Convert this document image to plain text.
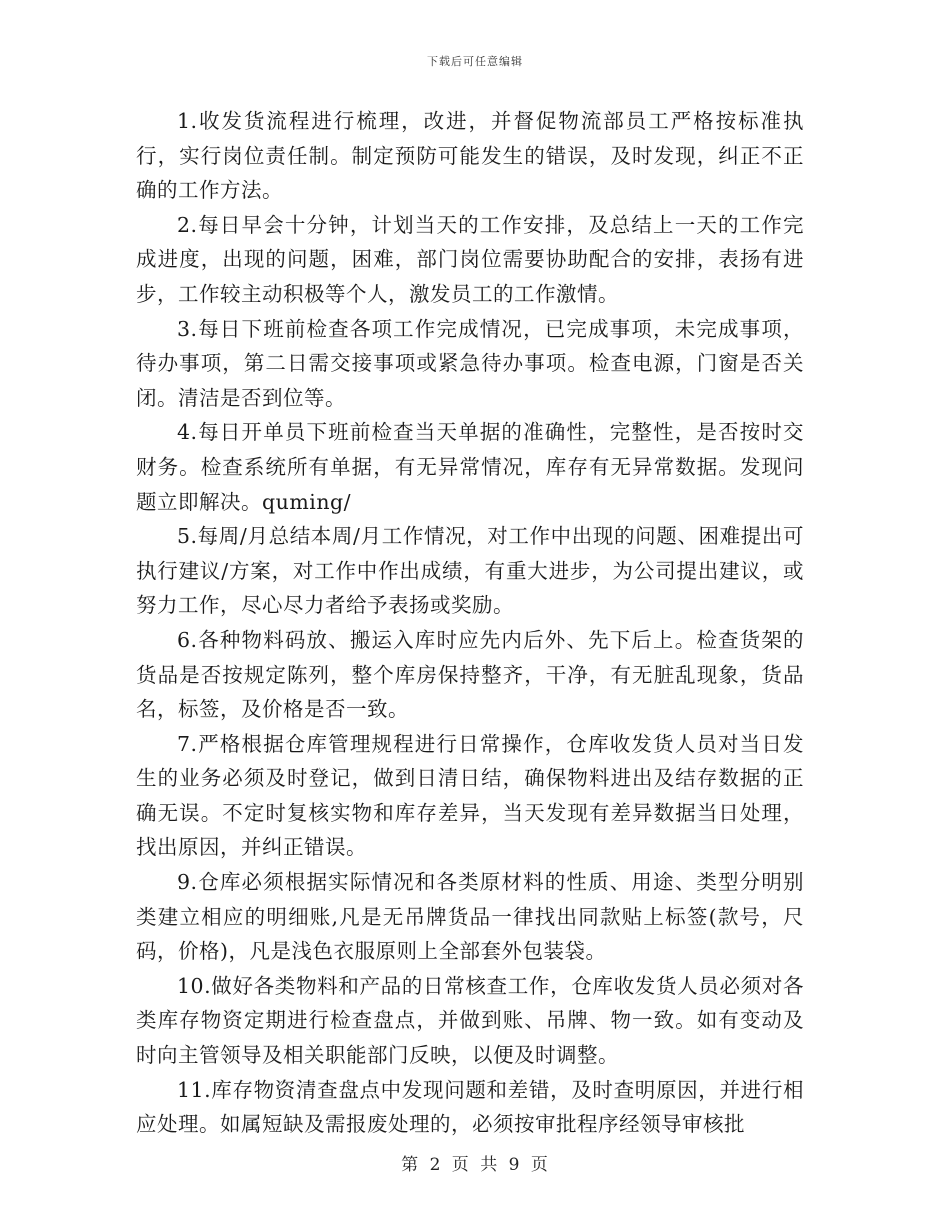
下载后可任意编辑

1.收发货流程进行梳理，改进，并督促物流部员工严格按标准执行，实行岗位责任制。制定预防可能发生的错误，及时发现，纠正不正确的工作方法。

2.每日早会十分钟，计划当天的工作安排，及总结上一天的工作完成进度，出现的问题，困难，部门岗位需要协助配合的安排，表扬有进步，工作较主动积极等个人，激发员工的工作激情。

3.每日下班前检查各项工作完成情况，已完成事项，未完成事项，待办事项，第二日需交接事项或紧急待办事项。检查电源，门窗是否关闭。清洁是否到位等。

4.每日开单员下班前检查当天单据的准确性，完整性，是否按时交财务。检查系统所有单据，有无异常情况，库存有无异常数据。发现问题立即解决。quming/

5.每周/月总结本周/月工作情况，对工作中出现的问题、困难提出可执行建议/方案，对工作中作出成绩，有重大进步，为公司提出建议，或努力工作，尽心尽力者给予表扬或奖励。

6.各种物料码放、搬运入库时应先内后外、先下后上。检查货架的货品是否按规定陈列，整个库房保持整齐，干净，有无脏乱现象，货品名，标签，及价格是否一致。

7.严格根据仓库管理规程进行日常操作，仓库收发货人员对当日发生的业务必须及时登记，做到日清日结，确保物料进出及结存数据的正确无误。不定时复核实物和库存差异，当天发现有差异数据当日处理，找出原因，并纠正错误。

9.仓库必须根据实际情况和各类原材料的性质、用途、类型分明别类建立相应的明细账,凡是无吊牌货品一律找出同款贴上标签(款号，尺码，价格)，凡是浅色衣服原则上全部套外包装袋。

10.做好各类物料和产品的日常核查工作，仓库收发货人员必须对各类库存物资定期进行检查盘点，并做到账、吊牌、物一致。如有变动及时向主管领导及相关职能部门反映，以便及时调整。

11.库存物资清查盘点中发现问题和差错，及时查明原因，并进行相应处理。如属短缺及需报废处理的，必须按审批程序经领导审核批

第 2 页 共 9 页
